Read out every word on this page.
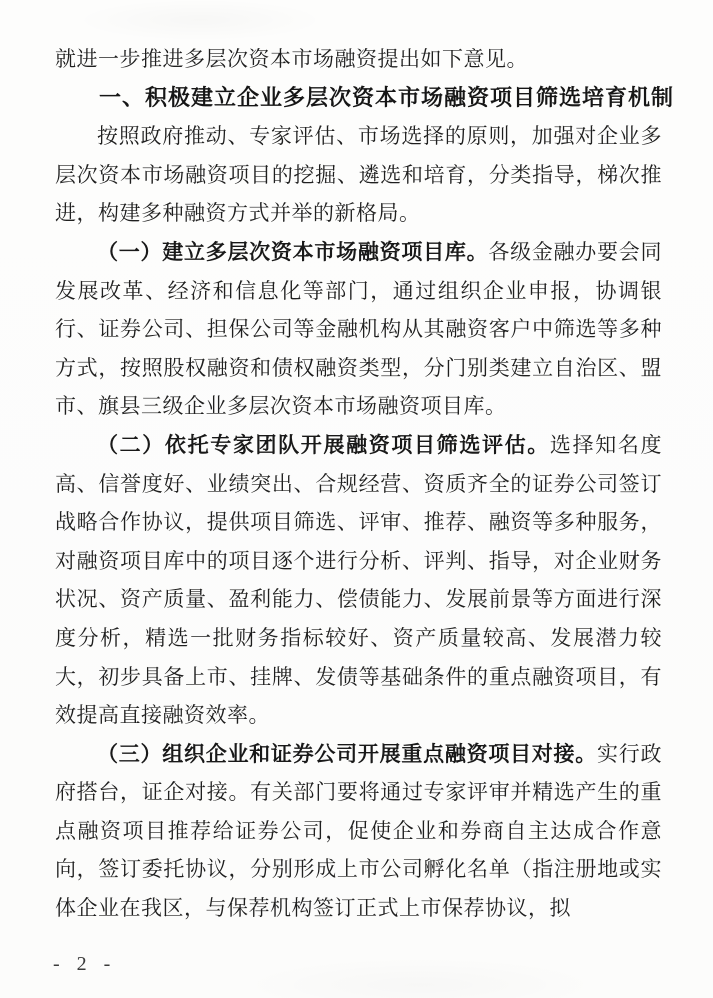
就进一步推进多层次资本市场融资提出如下意见。

一、积极建立企业多层次资本市场融资项目筛选培育机制

按照政府推动、专家评估、市场选择的原则，加强对企业多层次资本市场融资项目的挖掘、遴选和培育，分类指导，梯次推进，构建多种融资方式并举的新格局。

（一）建立多层次资本市场融资项目库。各级金融办要会同发展改革、经济和信息化等部门，通过组织企业申报，协调银行、证券公司、担保公司等金融机构从其融资客户中筛选等多种方式，按照股权融资和债权融资类型，分门别类建立自治区、盟市、旗县三级企业多层次资本市场融资项目库。

（二）依托专家团队开展融资项目筛选评估。选择知名度高、信誉度好、业绩突出、合规经营、资质齐全的证券公司签订战略合作协议，提供项目筛选、评审、推荐、融资等多种服务，对融资项目库中的项目逐个进行分析、评判、指导，对企业财务状况、资产质量、盈利能力、偿债能力、发展前景等方面进行深度分析，精选一批财务指标较好、资产质量较高、发展潜力较大，初步具备上市、挂牌、发债等基础条件的重点融资项目，有效提高直接融资效率。

（三）组织企业和证券公司开展重点融资项目对接。实行政府搭台，证企对接。有关部门要将通过专家评审并精选产生的重点融资项目推荐给证券公司，促使企业和券商自主达成合作意向，签订委托协议，分别形成上市公司孵化名单（指注册地或实体企业在我区，与保荐机构签订正式上市保荐协议，拟

- 2 -
